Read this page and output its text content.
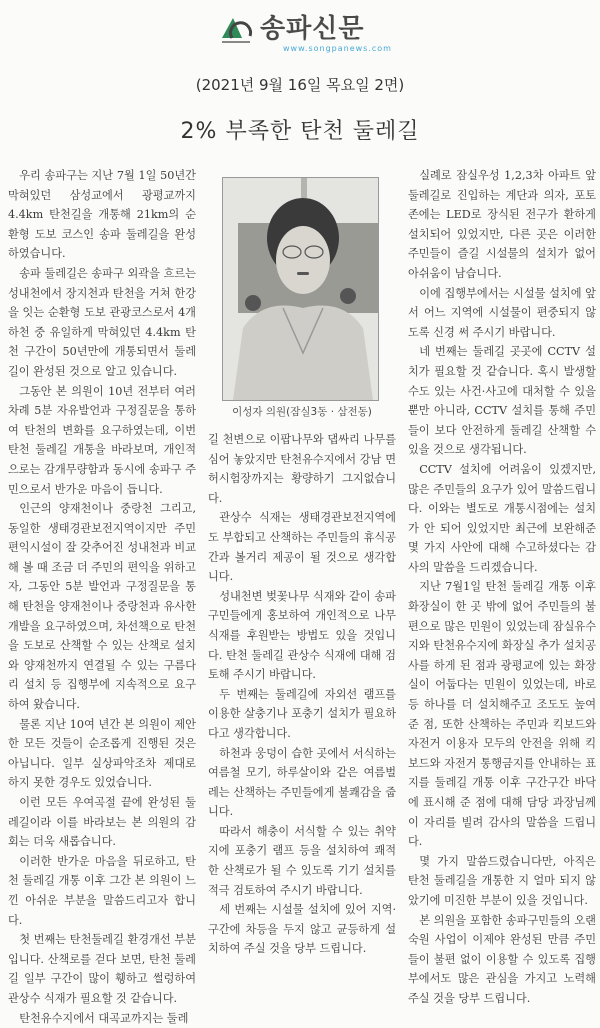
송파신문
www.songpanews.com
(2021년 9월 16일 목요일 2면)
2% 부족한 탄천 둘레길

우리 송파구는 지난 7월 1일 50년간 막혀있던 삼성교에서 광평교까지 4.4km 탄천길을 개통해 21km의 순환형 도보 코스인 송파 둘레길을 완성하였습니다.

송파 둘레길은 송파구 외곽을 흐르는 성내천에서 장지천과 탄천을 거쳐 한강을 잇는 순환형 도보 관광코스로서 4개 하천 중 유일하게 막혀있던 4.4km 탄천 구간이 50년만에 개통되면서 둘레길이 완성된 것으로 알고 있습니다.

그동안 본 의원이 10년 전부터 여러 차례 5분 자유발언과 구정질문을 통하여 탄천의 변화를 요구하였는데, 이번 탄천 둘레길 개통을 바라보며, 개인적으로는 감개무량함과 동시에 송파구 주민으로서 반가운 마음이 듭니다.

인근의 양재천이나 중랑천 그리고, 동일한 생태경관보전지역이지만 주민 편익시설이 잘 갖추어진 성내천과 비교해 볼 때 조금 더 주민의 편익을 위하고자, 그동안 5분 발언과 구정질문을 통해 탄천을 양재천이나 중랑천과 유사한 개발을 요구하였으며, 차선책으로 탄천을 도보로 산책할 수 있는 산책로 설치와 양재천까지 연결될 수 있는 구름다리 설치 등 집행부에 지속적으로 요구하여 왔습니다.

물론 지난 10여 년간 본 의원이 제안한 모든 것들이 순조롭게 진행된 것은 아닙니다. 일부 실상파악조차 제대로 하지 못한 경우도 있었습니다.

이런 모든 우여곡절 끝에 완성된 둘레길이라 이를 바라보는 본 의원의 감회는 더욱 새롭습니다.

이러한 반가운 마음을 뒤로하고, 탄천 둘레길 개통 이후 그간 본 의원이 느낀 아쉬운 부분을 말씀드리고자 합니다.

첫 번째는 탄천둘레길 환경개선 부분입니다. 산책로를 걷다 보면, 탄천 둘레길 일부 구간이 많이 휑하고 썰렁하여 관상수 식재가 필요할 것 같습니다.

탄천유수지에서 대곡교까지는 둘레

이성자 의원(잠실3동 · 삼전동)

길 천변으로 이팝나무와 댑싸리 나무를 심어 놓았지만 탄천유수지에서 강남 면허시험장까지는 황량하기 그지없습니다.

관상수 식재는 생태경관보전지역에도 부합되고 산책하는 주민들의 휴식공간과 볼거리 제공이 될 것으로 생각합니다.

성내천변 벚꽃나무 식재와 같이 송파구민들에게 홍보하여 개인적으로 나무 식재를 후원받는 방법도 있을 것입니다. 탄천 둘레길 관상수 식재에 대해 검토해 주시기 바랍니다.

두 번째는 둘레길에 자외선 램프를 이용한 살충기나 포충기 설치가 필요하다고 생각합니다.

하천과 웅덩이 습한 곳에서 서식하는 여름철 모기, 하루살이와 같은 여름벌레는 산책하는 주민들에게 불쾌감을 줍니다.

따라서 해충이 서식할 수 있는 취약지에 포충기 램프 등을 설치하여 쾌적한 산책로가 될 수 있도록 기기 설치를 적극 검토하여 주시기 바랍니다.

세 번째는 시설물 설치에 있어 지역·구간에 차등을 두지 않고 균등하게 설치하여 주실 것을 당부 드립니다.

실례로 잠실우성 1,2,3차 아파트 앞 둘레길로 진입하는 계단과 의자, 포토존에는 LED로 장식된 전구가 환하게 설치되어 있었지만, 다른 곳은 이러한 주민들이 즐길 시설물의 설치가 없어 아쉬움이 남습니다.

이에 집행부에서는 시설물 설치에 앞서 어느 지역에 시설물이 편중되지 않도록 신경 써 주시기 바랍니다.

네 번째는 둘레길 곳곳에 CCTV 설치가 필요할 것 같습니다. 혹시 발생할 수도 있는 사건·사고에 대처할 수 있을 뿐만 아니라, CCTV 설치를 통해 주민들이 보다 안전하게 둘레길 산책할 수 있을 것으로 생각됩니다.

CCTV 설치에 어려움이 있겠지만, 많은 주민들의 요구가 있어 말씀드립니다. 이와는 별도로 개통시점에는 설치가 안 되어 있었지만 최근에 보완해준 몇 가지 사안에 대해 수고하셨다는 감사의 말씀을 드리겠습니다.

지난 7월1일 탄천 둘레길 개통 이후 화장실이 한 곳 밖에 없어 주민들의 불편으로 많은 민원이 있었는데 잠실유수지와 탄천유수지에 화장실 추가 설치공사를 하게 된 점과 광평교에 있는 화장실이 어둡다는 민원이 있었는데, 바로 등 하나를 더 설치해주고 조도도 높여준 점, 또한 산책하는 주민과 킥보드와 자전거 이용자 모두의 안전을 위해 킥보드와 자전거 통행금지를 안내하는 표지를 둘레길 개통 이후 구간구간 바닥에 표시해 준 점에 대해 담당 과장님께 이 자리를 빌려 감사의 말씀을 드립니다.

몇 가지 말씀드렸습니다만, 아직은 탄천 둘레길을 개통한 지 얼마 되지 않았기에 미진한 부분이 있을 것입니다.

본 의원을 포함한 송파구민들의 오랜 숙원 사업이 이제야 완성된 만큼 주민들이 불편 없이 이용할 수 있도록 집행부에서도 많은 관심을 가지고 노력해 주실 것을 당부 드립니다.
